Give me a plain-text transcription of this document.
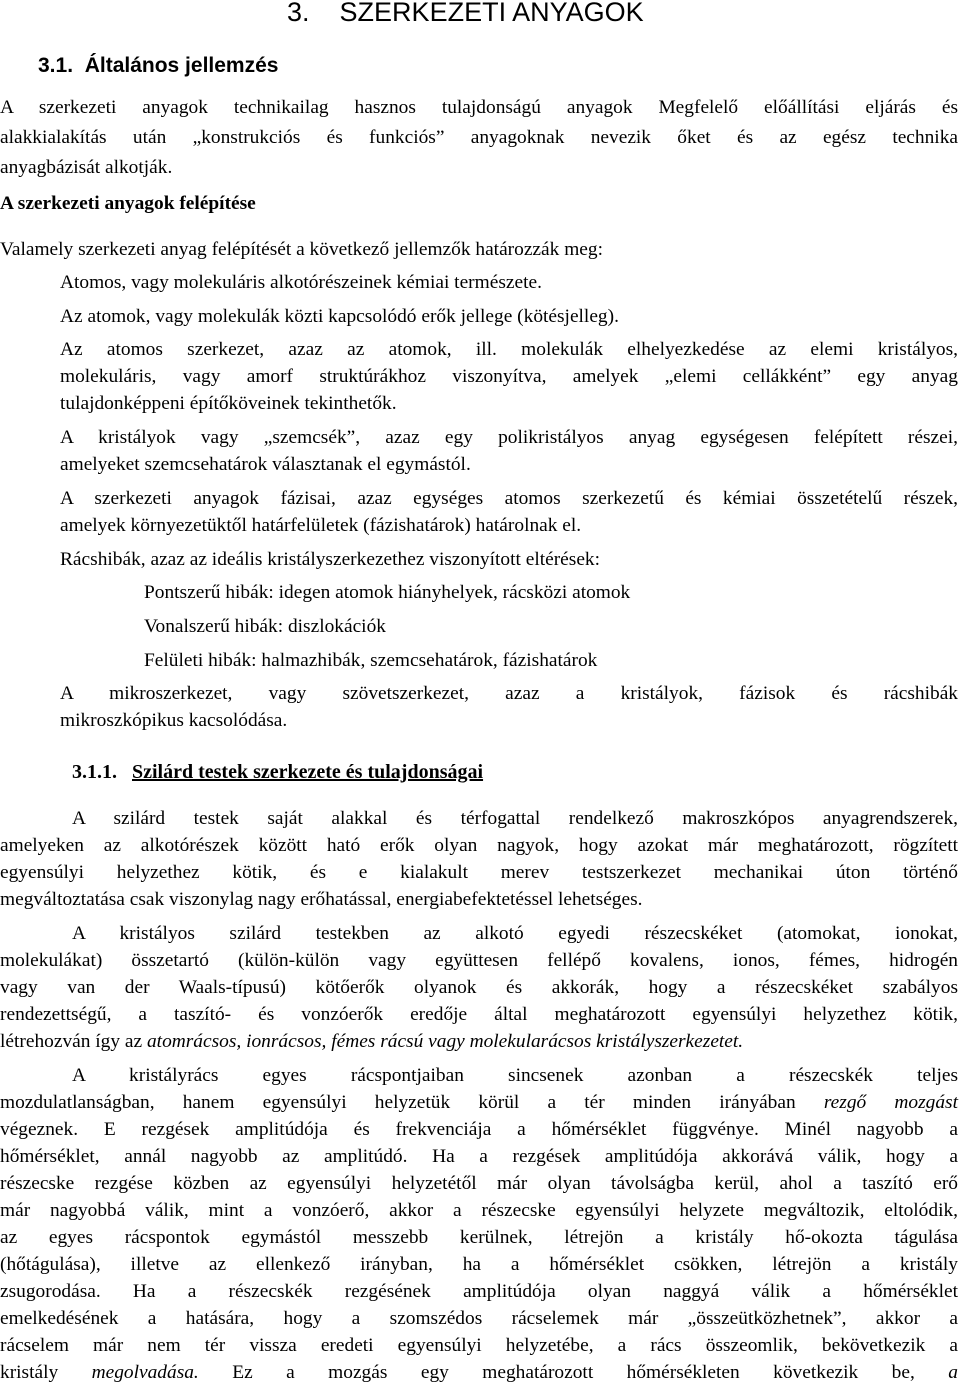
3. SZERKEZETI ANYAGOK
3.1. Általános jellemzés
A szerkezeti anyagok technikailag hasznos tulajdonságú anyagok Megfelelő előállítási eljárás és
alakkialakítás után „konstrukciós és funkciós” anyagoknak nevezik őket és az egész technika
anyagbázisát alkotják.
A szerkezeti anyagok felépítése
Valamely szerkezeti anyag felépítését a következő jellemzők határozzák meg:
Atomos, vagy molekuláris alkotórészeinek kémiai természete.
Az atomok, vagy molekulák közti kapcsolódó erők jellege (kötésjelleg).
Az atomos szerkezet, azaz az atomok, ill. molekulák elhelyezkedése az elemi kristályos,
molekuláris, vagy amorf struktúrákhoz viszonyítva, amelyek „elemi cellákként” egy anyag
tulajdonképpeni építőköveinek tekinthetők.
A kristályok vagy „szemcsék”, azaz egy polikristályos anyag egységesen felépített részei,
amelyeket szemcsehatárok választanak el egymástól.
A szerkezeti anyagok fázisai, azaz egységes atomos szerkezetű és kémiai összetételű részek,
amelyek környezetüktől határfelületek (fázishatárok) határolnak el.
Rácshibák, azaz az ideális kristályszerkezethez viszonyított eltérések:
Pontszerű hibák: idegen atomok hiányhelyek, rácsközi atomok
Vonalszerű hibák: diszlokációk
Felületi hibák: halmazhibák, szemcsehatárok, fázishatárok
A mikroszerkezet, vagy szövetszerkezet, azaz a kristályok, fázisok és rácshibák
mikroszkópikus kacsolódása.
3.1.1. Szilárd testek szerkezete és tulajdonságai
A szilárd testek saját alakkal és térfogattal rendelkező makroszkópos anyagrendszerek,
amelyeken az alkotórészek között ható erők olyan nagyok, hogy azokat már meghatározott, rögzített
egyensúlyi helyzethez kötik, és e kialakult merev testszerkezet mechanikai úton történő
megváltoztatása csak viszonylag nagy erőhatással, energiabefektetéssel lehetséges.
A kristályos szilárd testekben az alkotó egyedi részecskéket (atomokat, ionokat,
molekulákat) összetartó (külön-külön vagy együttesen fellépő kovalens, ionos, fémes, hidrogén
vagy van der Waals-típusú) kötőerők olyanok és akkorák, hogy a részecskéket szabályos
rendezettségű, a taszító- és vonzóerők eredője által meghatározott egyensúlyi helyzethez kötik,
létrehozván így az atomrácsos, ionrácsos, fémes rácsú vagy molekularácsos kristályszerkezetet.
A kristályrács egyes rácspontjaiban sincsenek azonban a részecskék teljes
mozdulatlanságban, hanem egyensúlyi helyzetük körül a tér minden irányában rezgő mozgást
végeznek. E rezgések amplitúdója és frekvenciája a hőmérséklet függvénye. Minél nagyobb a
hőmérséklet, annál nagyobb az amplitúdó. Ha a rezgések amplitúdója akkorává válik, hogy a
részecske rezgése közben az egyensúlyi helyzetétől már olyan távolságba kerül, ahol a taszító erő
már nagyobbá válik, mint a vonzóerő, akkor a részecske egyensúlyi helyzete megváltozik, eltolódik,
az egyes rácspontok egymástól messzebb kerülnek, létrejön a kristály hő-okozta tágulása
(hőtágulása), illetve az ellenkező irányban, ha a hőmérséklet csökken, létrejön a kristály
zsugorodása. Ha a részecskék rezgésének amplitúdója olyan naggyá válik a hőmérséklet
emelkedésének a hatására, hogy a szomszédos rácselemek már „összeütközhetnek”, akkor a
rácselem már nem tér vissza eredeti egyensúlyi helyzetébe, a rács összeomlik, bekövetkezik a
kristály megolvadása. Ez a mozgás egy meghatározott hőmérsékleten következik be, a
